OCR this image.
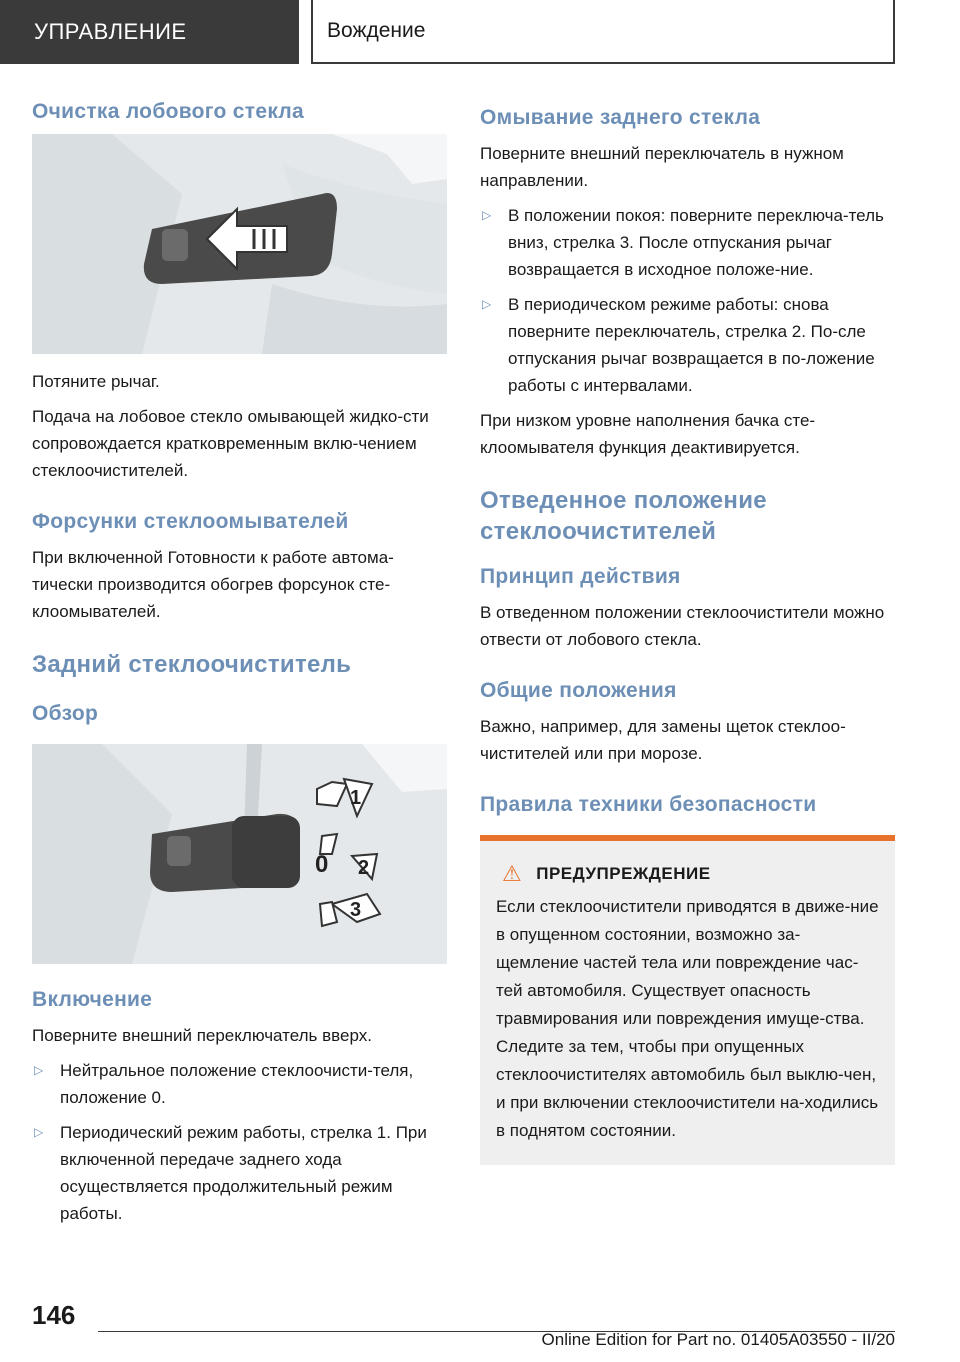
УПРАВЛЕНИЕ	Вождение
Очистка лобового стекла

Потяните рычаг.

Подача на лобовое стекло омывающей жидко-сти сопровождается кратковременным вклю-чением стеклоочистителей.

Форсунки стеклоомывателей

При включенной Готовности к работе автома-тически производится обогрев форсунок сте-клоомывателей.

Задний стеклоочиститель
Обзор
1
0 2
3
Включение

Поверните внешний переключатель вверх.

▷ Нейтральное положение стеклоочисти-теля, положение 0.
▷ Периодический режим работы, стрелка 1. При включенной передаче заднего хода осуществляется продолжительный режим работы.
Омывание заднего стекла

Поверните внешний переключатель в нужном направлении.

▷ В положении покоя: поверните переключа-тель вниз, стрелка 3. После отпускания рычаг возвращается в исходное положе-ние.
▷ В периодическом режиме работы: снова поверните переключатель, стрелка 2. По-сле отпускания рычаг возвращается в по-ложение работы с интервалами.

При низком уровне наполнения бачка сте-клоомывателя функция деактивируется.

Отведенное положение стеклоочистителей
Принцип действия

В отведенном положении стеклоочистители можно отвести от лобового стекла.

Общие положения

Важно, например, для замены щеток стеклоо-чистителей или при морозе.

Правила техники безопасности
⚠ ПРЕДУПРЕЖДЕНИЕ

Если стеклоочистители приводятся в движе-ние в опущенном состоянии, возможно за-щемление частей тела или повреждение час-тей автомобиля. Существует опасность травмирования или повреждения имуще-ства. Следите за тем, чтобы при опущенных стеклоочистителях автомобиль был выклю-чен, и при включении стеклоочистители на-ходились в поднятом состоянии.

146
Online Edition for Part no. 01405A03550 - II/20
